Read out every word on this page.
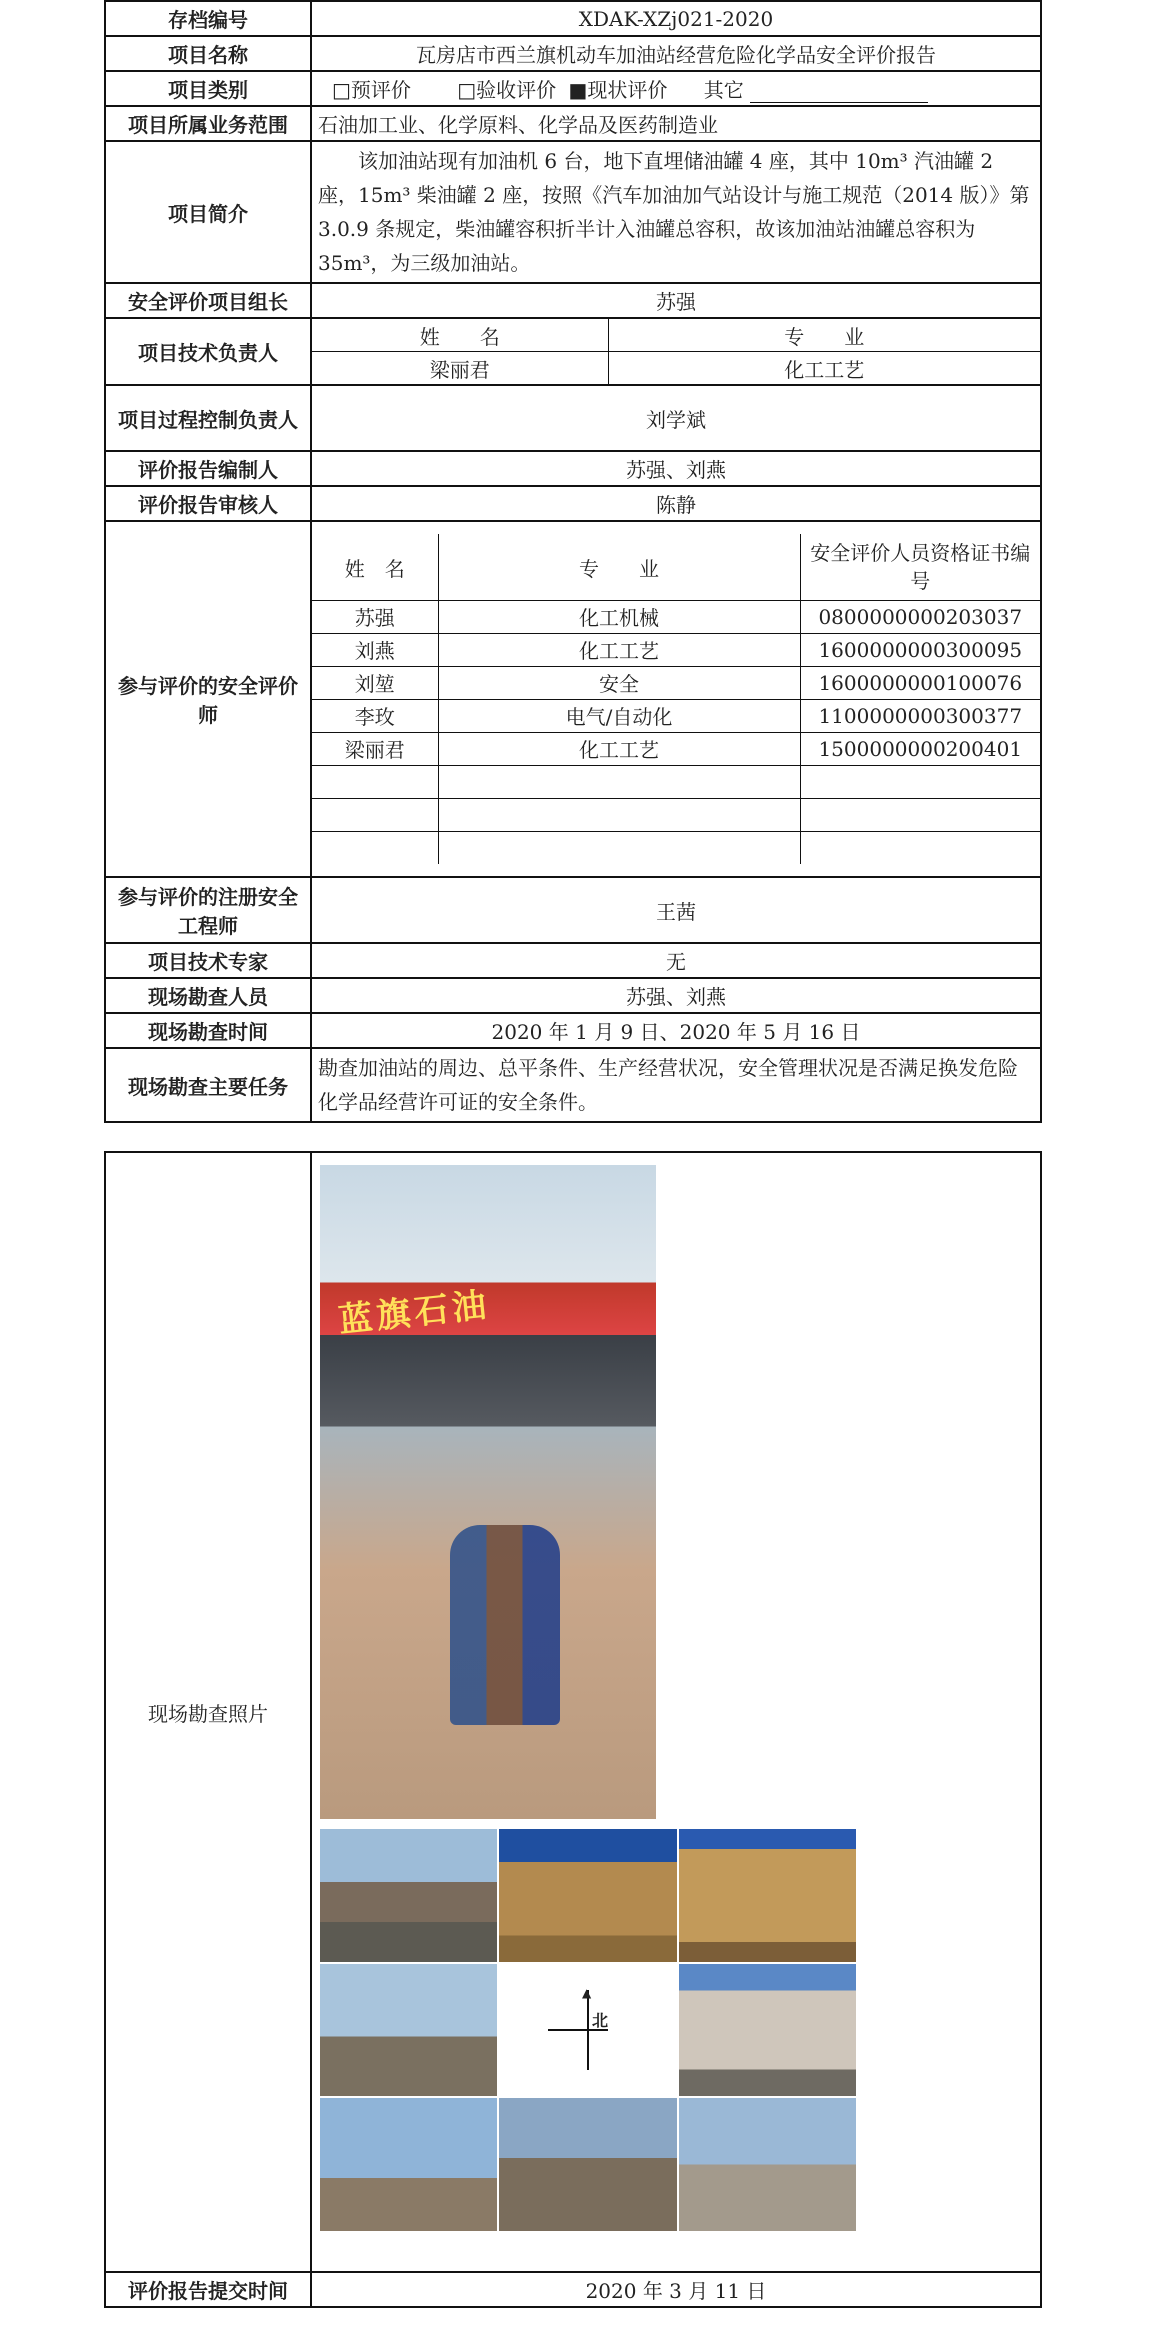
存档编号	XDAK-XZj021-2020
项目名称	瓦房店市西兰旗机动车加油站经营危险化学品安全评价报告
项目类别	□预评价 □验收评价 ■现状评价 其它
项目所属业务范围	石油加工业、化学原料、化学品及医药制造业
项目简介	该加油站现有加油机 6 台，地下直埋储油罐 4 座，其中 10m³ 汽油罐 2 座，15m³ 柴油罐 2 座，按照《汽车加油加气站设计与施工规范（2014 版）》第 3.0.9 条规定，柴油罐容积折半计入油罐总容积，故该加油站油罐总容积为 35m³，为三级加油站。
安全评价项目组长	苏强
项目技术负责人	
姓　　名	专　　业
梁丽君	化工工艺

项目过程控制负责人	刘学斌
评价报告编制人	苏强、刘燕
评价报告审核人	陈静
参与评价的安全评价师	
姓　名	专　　业	安全评价人员资格证书编号
苏强	化工机械	0800000000203037
刘燕	化工工艺	1600000000300095
刘堃	安全	1600000000100076
李玫	电气/自动化	1100000000300377
梁丽君	化工工艺	1500000000200401

参与评价的注册安全工程师	王茜
项目技术专家	无
现场勘查人员	苏强、刘燕
现场勘查时间	2020 年 1 月 9 日、2020 年 5 月 16 日
现场勘查主要任务	勘查加油站的周边、总平条件、生产经营状况，安全管理状况是否满足换发危险化学品经营许可证的安全条件。
现场勘查照片	蓝旗石油
▲
北

评价报告提交时间	2020 年 3 月 11 日
